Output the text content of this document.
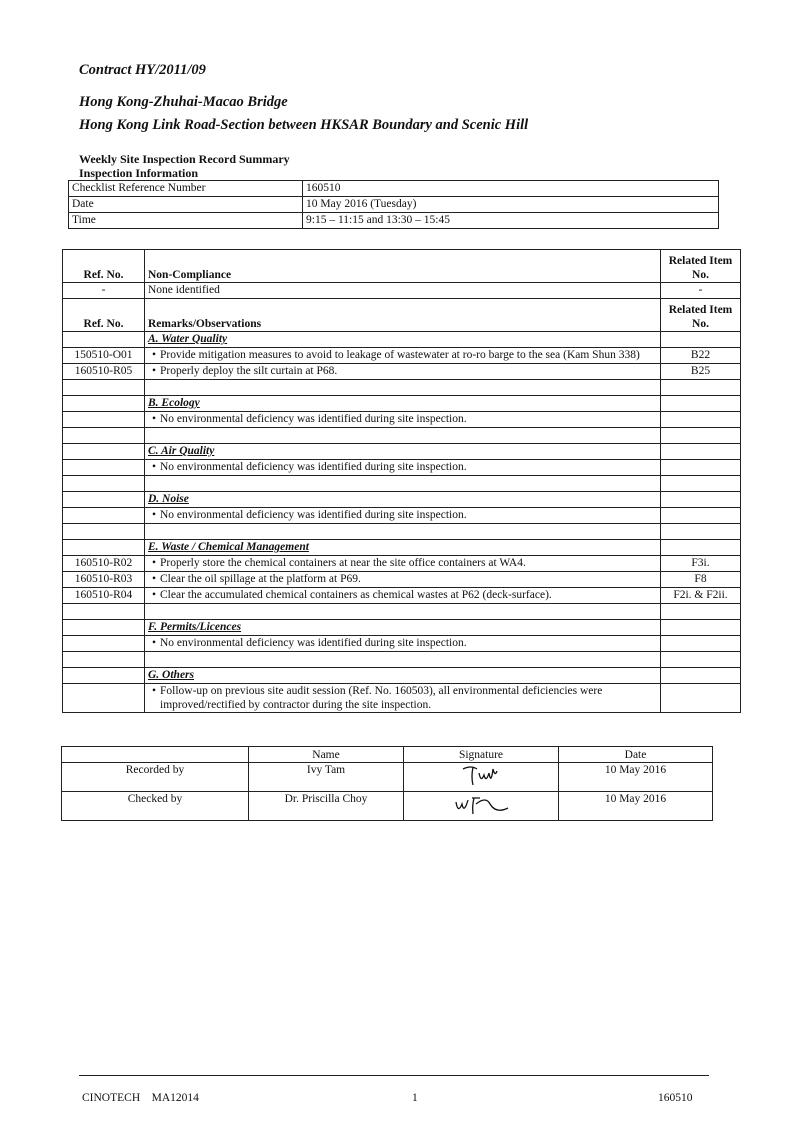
Contract HY/2011/09
Hong Kong-Zhuhai-Macao Bridge
Hong Kong Link Road-Section between HKSAR Boundary and Scenic Hill
Weekly Site Inspection Record Summary
Inspection Information
Checklist Reference Number	160510
Date	10 May 2016 (Tuesday)
Time	9:15 – 11:15 and 13:30 – 15:45
Ref. No.	Non-Compliance	Related Item No.
-	None identified	-
Ref. No.	Remarks/Observations	Related Item No.
	A. Water Quality	
150510-O01	• Provide mitigation measures to avoid to leakage of wastewater at ro-ro barge to the sea (Kam Shun 338)	B22
160510-R05	• Properly deploy the silt curtain at P68.	B25

	B. Ecology	

	• No environmental deficiency was identified during site inspection.	

	C. Air Quality	

	• No environmental deficiency was identified during site inspection.	

	D. Noise	

	• No environmental deficiency was identified during site inspection.	

	E. Waste / Chemical Management	
160510-R02	• Properly store the chemical containers at near the site office containers at WA4.	F3i.
160510-R03	• Clear the oil spillage at the platform at P69.	F8
160510-R04	• Clear the accumulated chemical containers as chemical wastes at P62 (deck-surface).	F2i. & F2ii.

	F. Permits/Licences	

	• No environmental deficiency was identified during site inspection.	

	G. Others	

	• Follow-up on previous site audit session (Ref. No. 160503), all environmental deficiencies were improved/rectified by contractor during the site inspection.	

	Name	Signature	Date
Recorded by	Ivy Tam		10 May 2016
Checked by	Dr. Priscilla Choy		10 May 2016
CINOTECH    MA12014	1	160510
